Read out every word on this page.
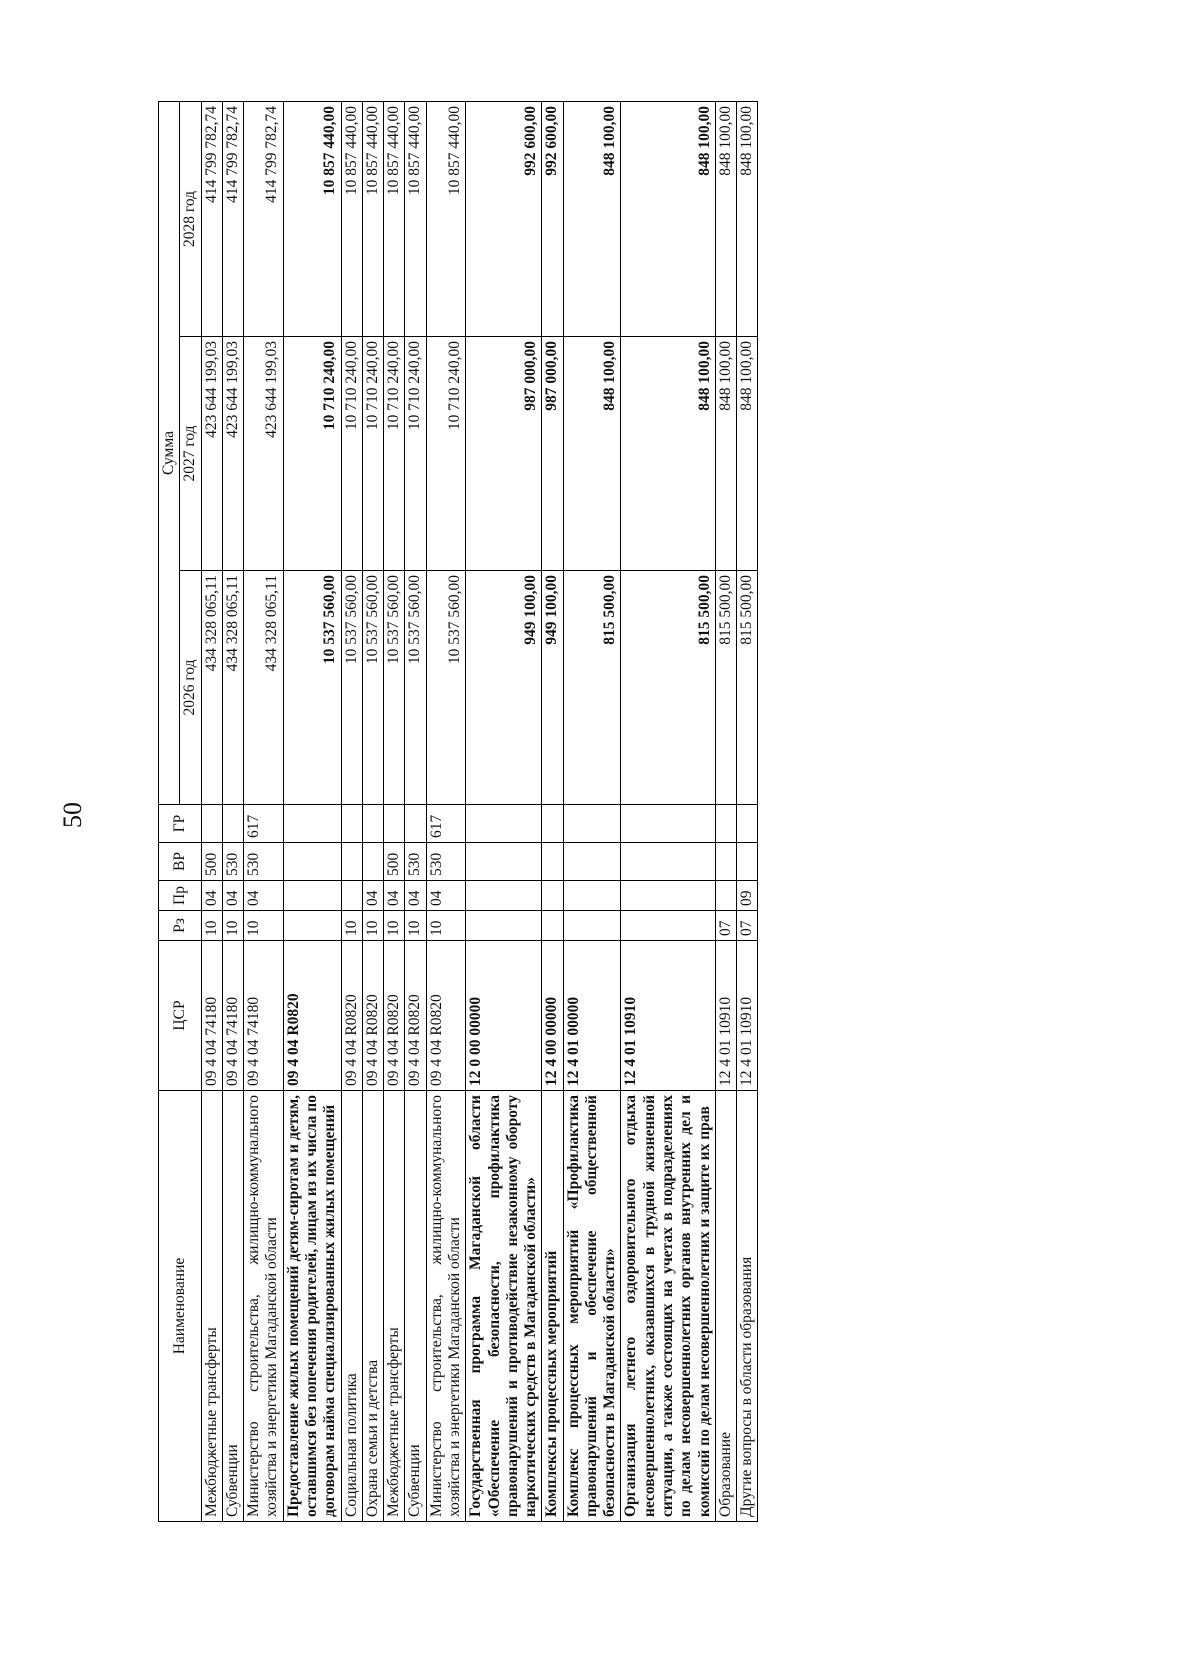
50
Наименование	ЦСР	Рз	Пр	ВР	ГР	Сумма		
						2026 год	2027 год	2028 год
Межбюджетные трансферты	09 4 04 74180	10	04	500		434 328 065,11	423 644 199,03	414 799 782,74
Субвенции	09 4 04 74180	10	04	530		434 328 065,11	423 644 199,03	414 799 782,74
Министерство строительства, жилищно-коммунального хозяйства и энергетики Магаданской области	09 4 04 74180	10	04	530	617	434 328 065,11	423 644 199,03	414 799 782,74
Предоставление жилых помещений детям-сиротам и детям, оставшимся без попечения родителей, лицам из их числа по договорам найма специализированных жилых помещений	09 4 04 R0820					10 537 560,00	10 710 240,00	10 857 440,00
Социальная политика	09 4 04 R0820	10				10 537 560,00	10 710 240,00	10 857 440,00
Охрана семьи и детства	09 4 04 R0820	10	04			10 537 560,00	10 710 240,00	10 857 440,00
Межбюджетные трансферты	09 4 04 R0820	10	04	500		10 537 560,00	10 710 240,00	10 857 440,00
Субвенции	09 4 04 R0820	10	04	530		10 537 560,00	10 710 240,00	10 857 440,00
Министерство строительства, жилищно-коммунального хозяйства и энергетики Магаданской области	09 4 04 R0820	10	04	530	617	10 537 560,00	10 710 240,00	10 857 440,00
Государственная программа Магаданской области «Обеспечение безопасности, профилактика правонарушений и противодействие незаконному обороту наркотических средств в Магаданской области»	12 0 00 00000					949 100,00	987 000,00	992 600,00
Комплексы процессных мероприятий	12 4 00 00000					949 100,00	987 000,00	992 600,00
Комплекс процессных мероприятий «Профилактика правонарушений и обеспечение общественной безопасности в Магаданской области»	12 4 01 00000					815 500,00	848 100,00	848 100,00
Организация летнего оздоровительного отдыха несовершеннолетних, оказавшихся в трудной жизненной ситуации, а также состоящих на учетах в подразделениях по делам несовершеннолетних органов внутренних дел и комиссий по делам несовершеннолетних и защите их прав	12 4 01 10910					815 500,00	848 100,00	848 100,00
Образование	12 4 01 10910	07				815 500,00	848 100,00	848 100,00
Другие вопросы в области образования	12 4 01 10910	07	09			815 500,00	848 100,00	848 100,00
